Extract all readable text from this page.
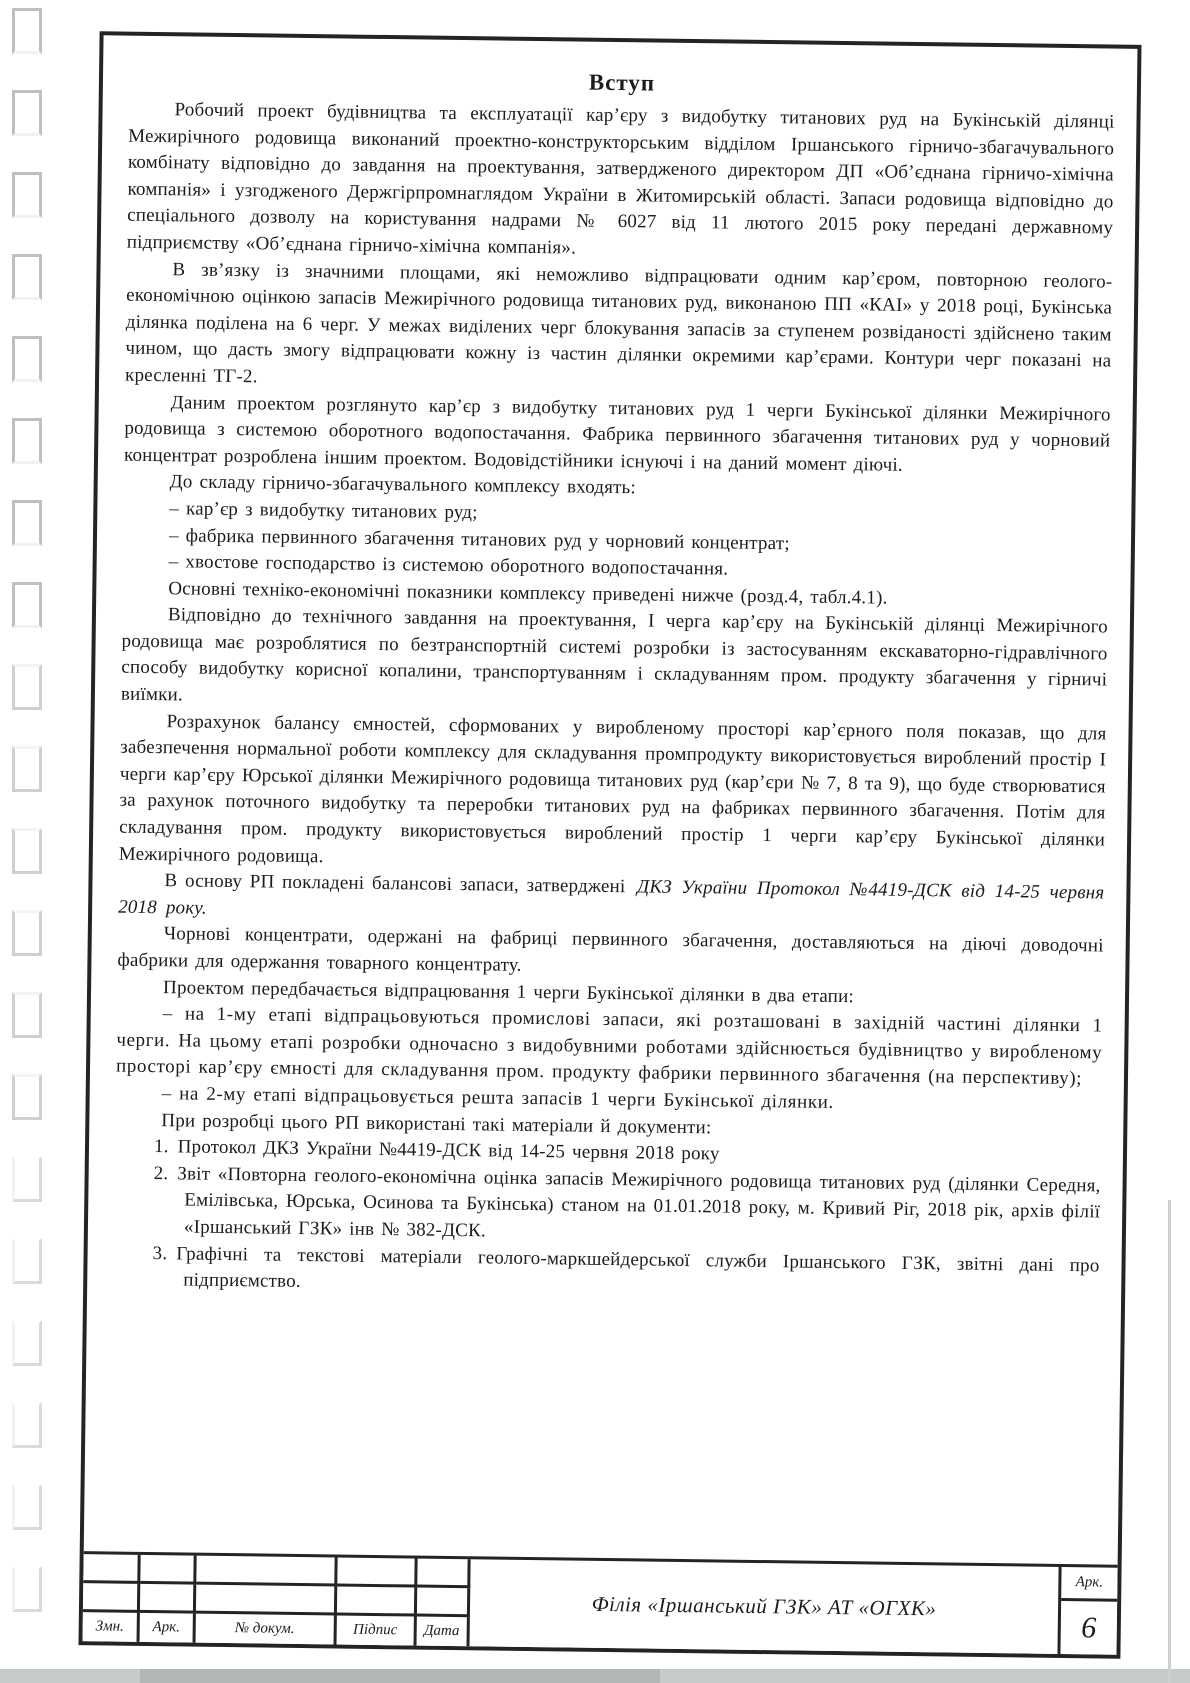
Вступ

Робочий проект будівництва та експлуатації кар’єру з видобутку титанових руд на Букінській ділянці Межирічного родовища виконаний проектно-конструкторським відділом Іршанського гірничо-збагачувального комбінату відповідно до завдання на проектування, затвердженого директором ДП «Об’єднана гірничо-хімічна компанія» і узгодженого Держгірпромнаглядом України в Житомирській області. Запаси родовища відповідно до спеціального дозволу на користування надрами № 6027 від 11 лютого 2015 року передані державному підприємству «Об’єднана гірничо-хімічна компанія».

В зв’язку із значними площами, які неможливо відпрацювати одним кар’єром, повторною геолого-економічною оцінкою запасів Межирічного родовища титанових руд, виконаною ПП «КАІ» у 2018 році, Букінська ділянка поділена на 6 черг. У межах виділених черг блокування запасів за ступенем розвіданості здійснено таким чином, що дасть змогу відпрацювати кожну із частин ділянки окремими кар’єрами. Контури черг показані на кресленні ТГ-2.

Даним проектом розглянуто кар’єр з видобутку титанових руд 1 черги Букінської ділянки Межирічного родовища з системою оборотного водопостачання. Фабрика первинного збагачення титанових руд у чорновий концентрат розроблена іншим проектом. Водовідстійники існуючі і на даний момент діючі.

До складу гірничо-збагачувального комплексу входять:

– кар’єр з видобутку титанових руд;

– фабрика первинного збагачення титанових руд у чорновий концентрат;

– хвостове господарство із системою оборотного водопостачання.

Основні техніко-економічні показники комплексу приведені нижче (розд.4, табл.4.1).

Відповідно до технічного завдання на проектування, І черга кар’єру на Букінській ділянці Межирічного родовища має розроблятися по безтранспортній системі розробки із застосуванням екскаваторно-гідравлічного способу видобутку корисної копалини, транспортуванням і складуванням пром. продукту збагачення у гірничі виїмки.

Розрахунок балансу ємностей, сформованих у виробленому просторі кар’єрного поля показав, що для забезпечення нормальної роботи комплексу для складування промпродукту використовується вироблений простір І черги кар’єру Юрської ділянки Межирічного родовища титанових руд (кар’єри № 7, 8 та 9), що буде створюватися за рахунок поточного видобутку та переробки титанових руд на фабриках первинного збагачення. Потім для складування пром. продукту використовується вироблений простір 1 черги кар’єру Букінської ділянки Межирічного родовища.

В основу РП покладені балансові запаси, затверджені ДКЗ України Протокол №4419-ДСК від 14-25 червня 2018 року.

Чорнові концентрати, одержані на фабриці первинного збагачення, доставляються на діючі доводочні фабрики для одержання товарного концентрату.

Проектом передбачається відпрацювання 1 черги Букінської ділянки в два етапи:

– на 1-му етапі відпрацьовуються промислові запаси, які розташовані в західній частині ділянки 1 черги. На цьому етапі розробки одночасно з видобувними роботами здійснюється будівництво у виробленому просторі кар’єру ємності для складування пром. продукту фабрики первинного збагачення (на перспективу);

– на 2-му етапі відпрацьовується решта запасів 1 черги Букінської ділянки.

При розробці цього РП використані такі матеріали й документи:

1. Протокол ДКЗ України №4419-ДСК від 14-25 червня 2018 року

2. Звіт «Повторна геолого-економічна оцінка запасів Межирічного родовища титанових руд (ділянки Середня, Емілівська, Юрська, Осинова та Букінська) станом на 01.01.2018 року, м. Кривий Ріг, 2018 рік, архів філії «Іршанський ГЗК» інв № 382-ДСК.

3. Графічні та текстові матеріали геолого-маркшейдерської служби Іршанського ГЗК, звітні дані про підприємство.

Змн.	Арк.	№ докум.	Підпис	Дата
Філія «Іршанський ГЗК» АТ «ОГХК»
Арк.
6
